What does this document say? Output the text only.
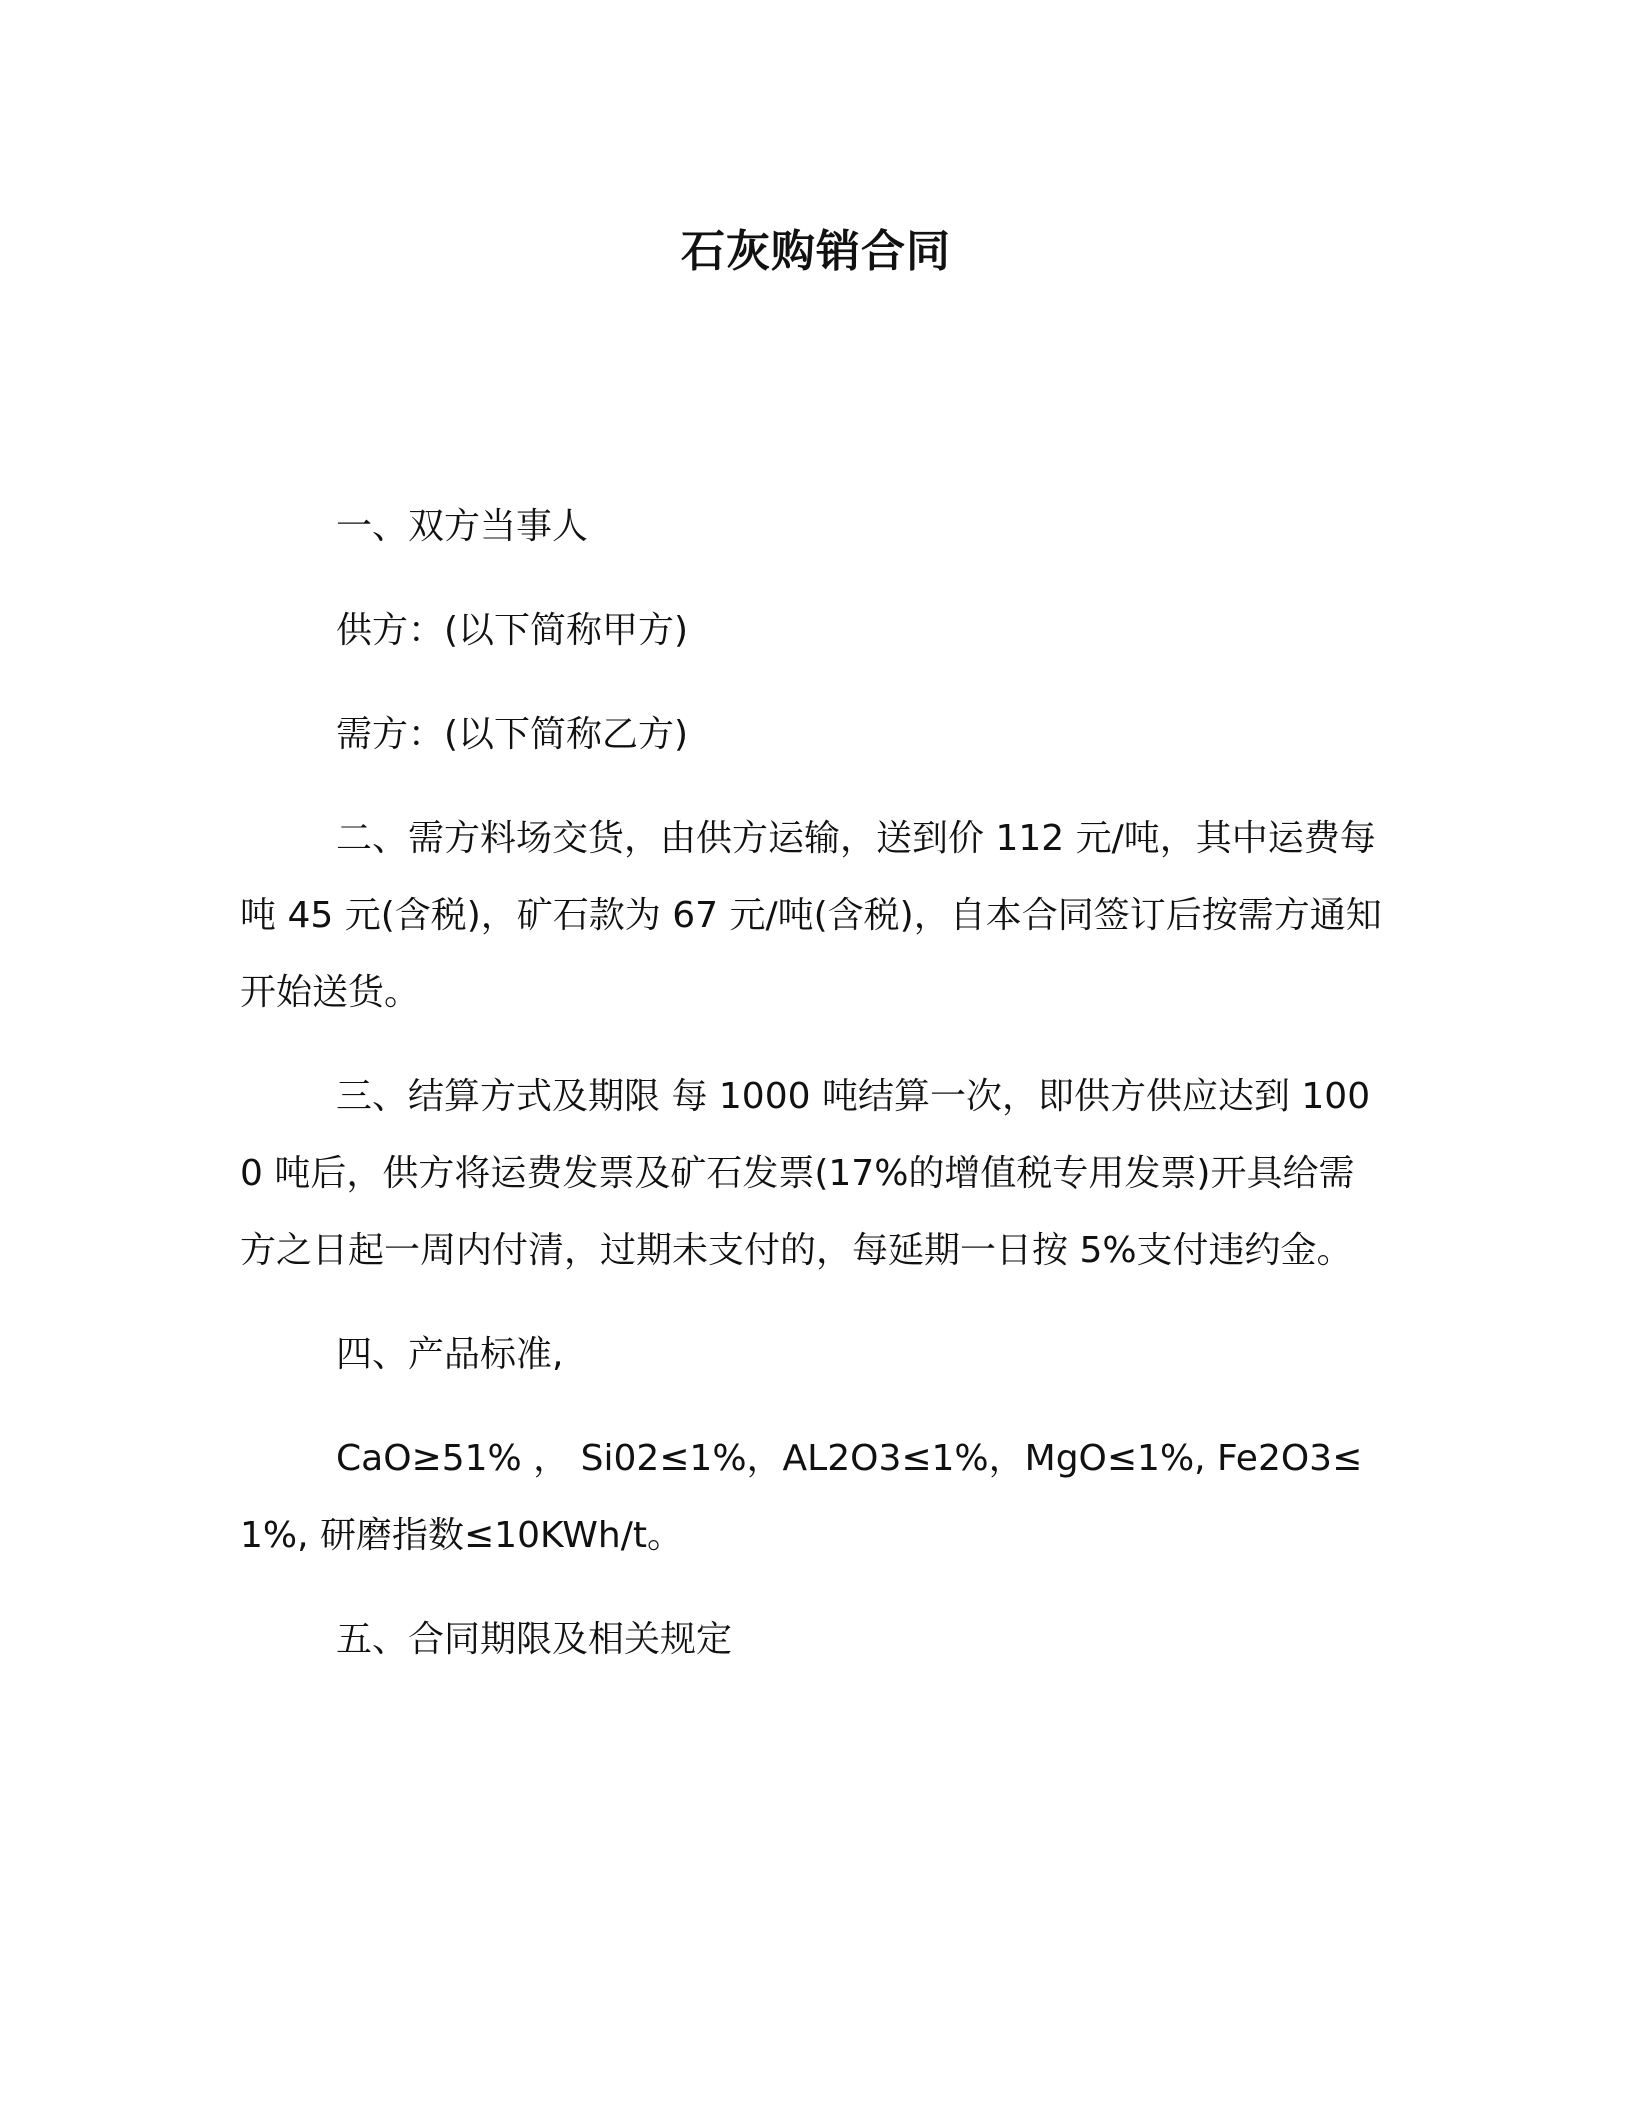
石灰购销合同

一、双方当事人

供方：(以下简称甲方)

需方：(以下简称乙方)

二、需方料场交货，由供方运输，送到价 112 元/吨，其中运费每吨 45 元(含税)，矿石款为 67 元/吨(含税)，自本合同签订后按需方通知开始送货。

三、结算方式及期限 每 1000 吨结算一次，即供方供应达到 1000 吨后，供方将运费发票及矿石发票(17%的增值税专用发票)开具给需方之日起一周内付清，过期未支付的，每延期一日按 5%支付违约金。

四、产品标准,

CaO≥51% ， Si02≤1%，AL2O3≤1%，MgO≤1%, Fe2O3≤1%, 研磨指数≤10KWh/t。

五、合同期限及相关规定
